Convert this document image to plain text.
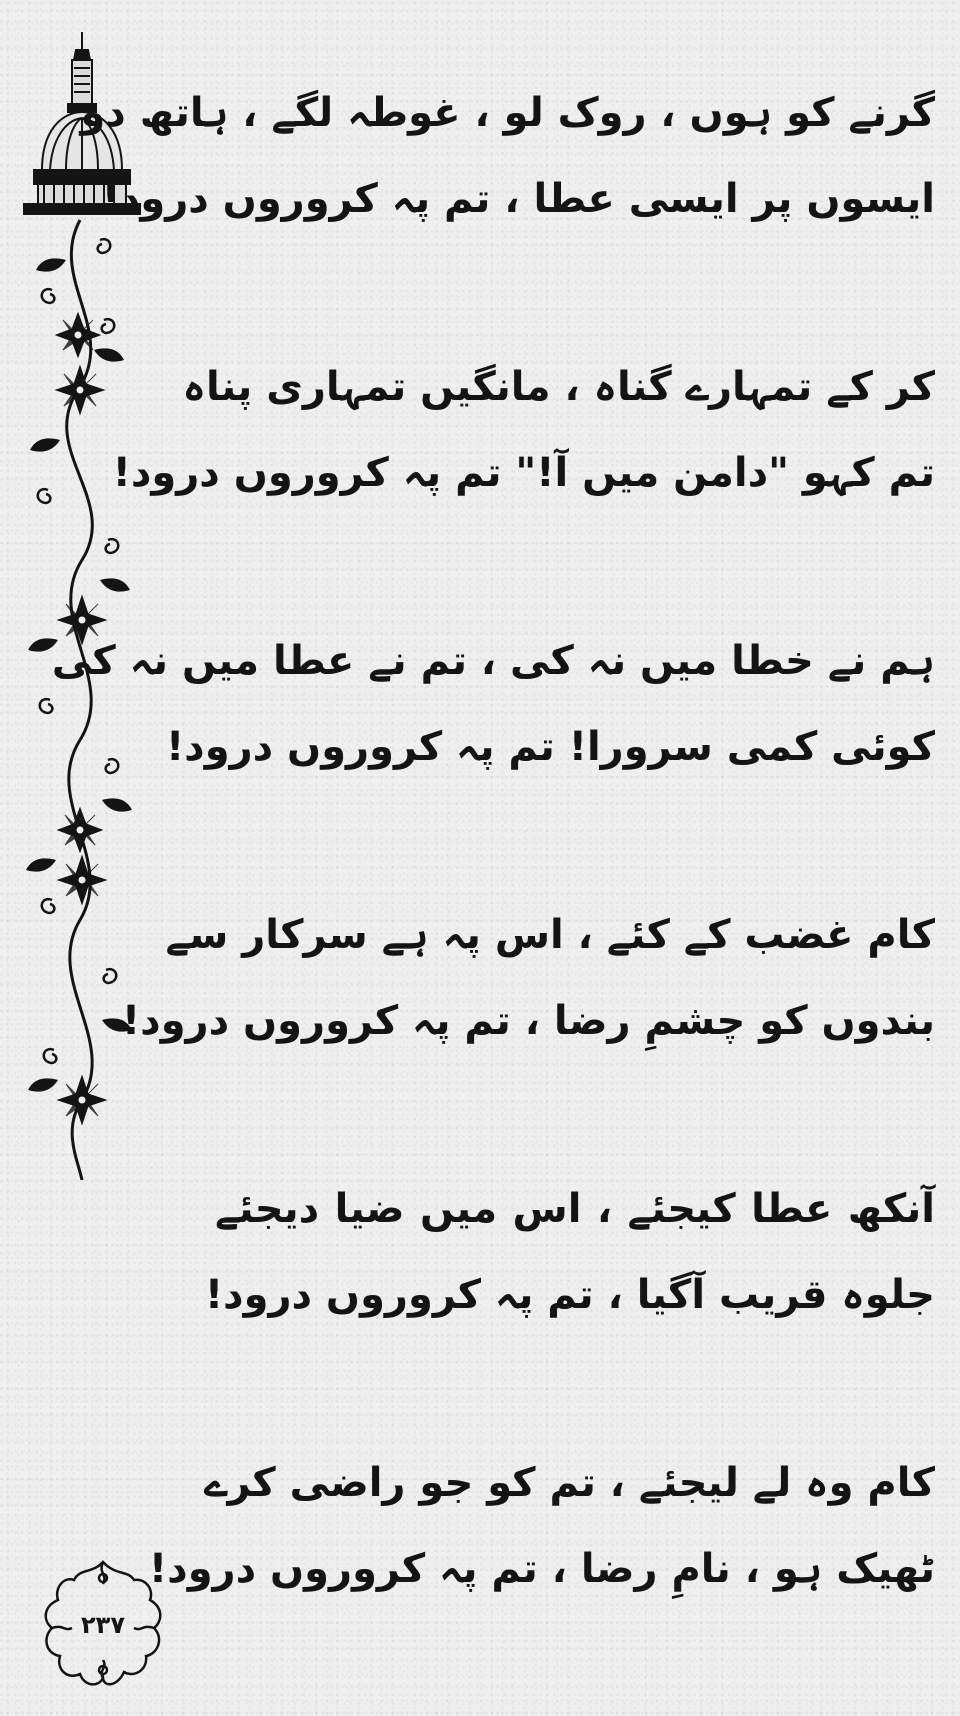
گرنے کو ہوں ، روک لو ، غوطہ لگے ، ہاتھ دو
ایسوں پر ایسی عطا ، تم پہ کروروں درود!
کر کے تمہارے گناہ ، مانگیں تمہاری پناہ
تم کہو "دامن میں آ!" تم پہ کروروں درود!
ہم نے خطا میں نہ کی ، تم نے عطا میں نہ کی
کوئی کمی سرورا! تم پہ کروروں درود!
کام غضب کے کئے ، اس پہ ہے سرکار سے
بندوں کو چشمِ رضا ، تم پہ کروروں درود!
آنکھ عطا کیجئے ، اس میں ضیا دیجئے
جلوہ قریب آگیا ، تم پہ کروروں درود!
کام وہ لے لیجئے ، تم کو جو راضی کرے
ٹھیک ہو ، نامِ رضا ، تم پہ کروروں درود!
۲۳۷
